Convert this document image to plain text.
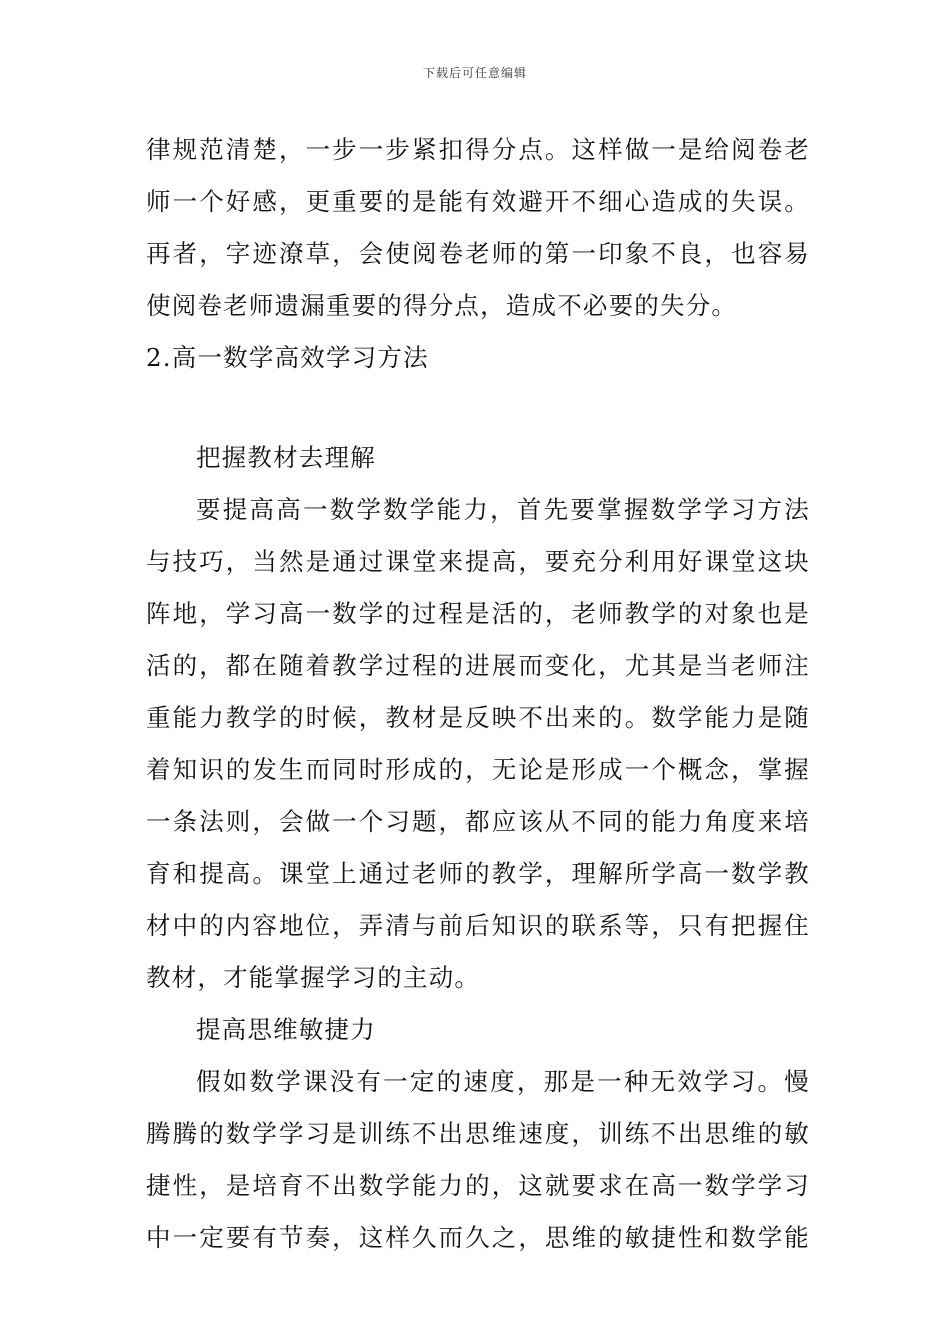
下载后可任意编辑
律规范清楚，一步一步紧扣得分点。这样做一是给阅卷老
师一个好感，更重要的是能有效避开不细心造成的失误。
再者，字迹潦草，会使阅卷老师的第一印象不良，也容易
使阅卷老师遗漏重要的得分点，造成不必要的失分。
2.高一数学高效学习方法
把握教材去理解
要提高高一数学数学能力，首先要掌握数学学习方法
与技巧，当然是通过课堂来提高，要充分利用好课堂这块
阵地，学习高一数学的过程是活的，老师教学的对象也是
活的，都在随着教学过程的进展而变化，尤其是当老师注
重能力教学的时候，教材是反映不出来的。数学能力是随
着知识的发生而同时形成的，无论是形成一个概念，掌握
一条法则，会做一个习题，都应该从不同的能力角度来培
育和提高。课堂上通过老师的教学，理解所学高一数学教
材中的内容地位，弄清与前后知识的联系等，只有把握住
教材，才能掌握学习的主动。
提高思维敏捷力
假如数学课没有一定的速度，那是一种无效学习。慢
腾腾的数学学习是训练不出思维速度，训练不出思维的敏
捷性，是培育不出数学能力的，这就要求在高一数学学习
中一定要有节奏，这样久而久之，思维的敏捷性和数学能
